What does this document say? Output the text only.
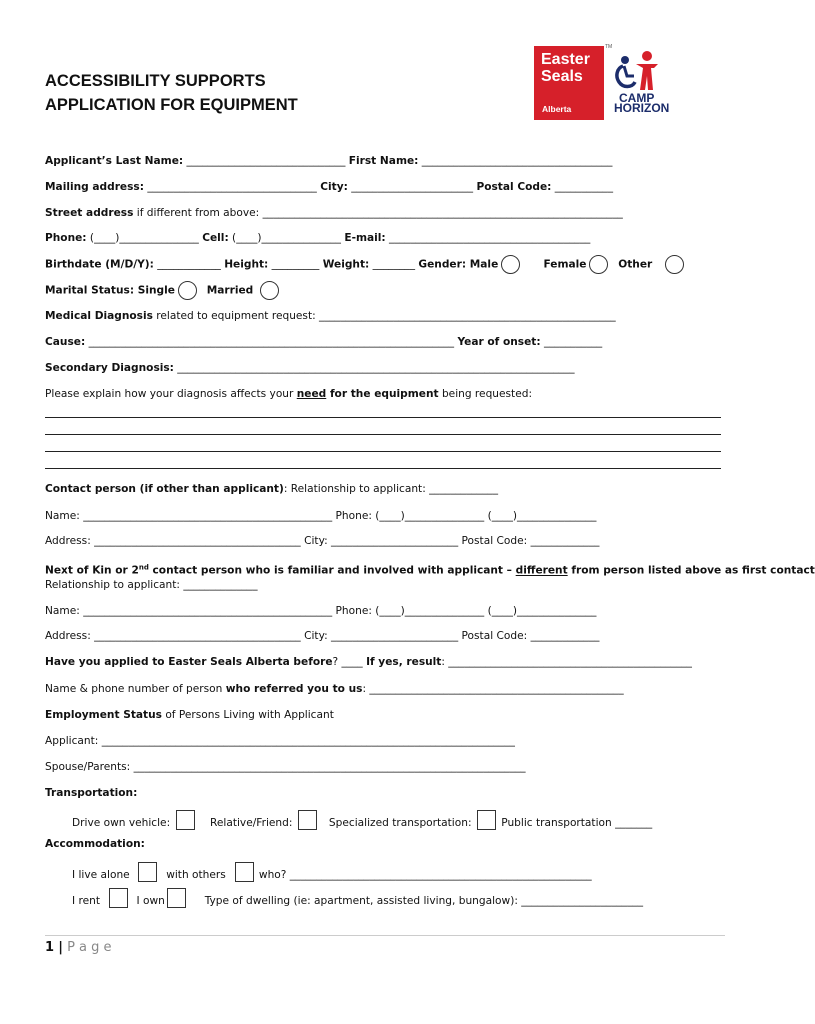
ACCESSIBILITY SUPPORTS
APPLICATION FOR EQUIPMENT
Easter
Seals
Alberta
TM
CAMP
HORIZON
Applicant’s Last Name: ______________________________ First Name: ____________________________________
Mailing address: ________________________________ City: _______________________ Postal Code: ___________
Street address if different from above: ____________________________________________________________________
Phone: (____)_______________ Cell: (____)_______________ E-mail: ______________________________________
Birthdate (M/D/Y): ____________ Height: _________ Weight: ________ Gender: Male	Female	Other
Marital Status: Single	Married
Medical Diagnosis related to equipment request: ________________________________________________________
Cause: _____________________________________________________________________ Year of onset: ___________
Secondary Diagnosis: ___________________________________________________________________________
Please explain how your diagnosis affects your need for the equipment being requested:
Contact person (if other than applicant): Relationship to applicant: _____________
Name: _______________________________________________ Phone: (____)_______________ (____)_______________
Address: _______________________________________ City: ________________________ Postal Code: _____________
Next of Kin or 2nd contact person who is familiar and involved with applicant – different from person listed above as first contact
Relationship to applicant: ______________
Name: _______________________________________________ Phone: (____)_______________ (____)_______________
Address: _______________________________________ City: ________________________ Postal Code: _____________
Have you applied to Easter Seals Alberta before? ____ If yes, result: ______________________________________________
Name & phone number of person who referred you to us: ________________________________________________
Employment Status of Persons Living with Applicant
Applicant: ______________________________________________________________________________
Spouse/Parents: __________________________________________________________________________
Transportation:
Drive own vehicle:	Relative/Friend:	Specialized transportation:	Public transportation _______
Accommodation:
I live alone	with others	who? _________________________________________________________
I rent	I own	Type of dwelling (ie: apartment, assisted living, bungalow): _______________________
1 | P a g e
